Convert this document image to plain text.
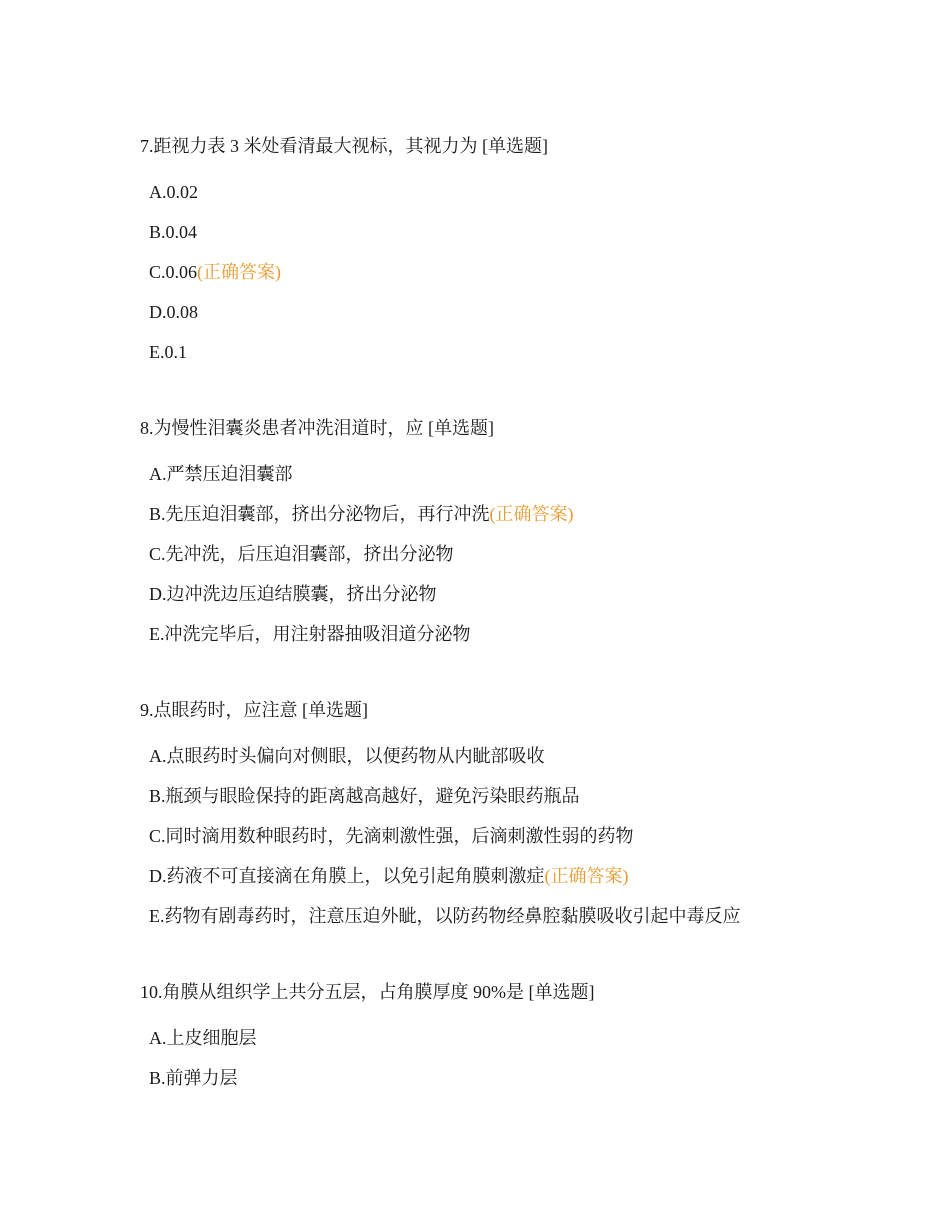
7.距视力表 3 米处看清最大视标，其视力为 [单选题]
A.0.02
B.0.04
C.0.06(正确答案)
D.0.08
E.0.1
8.为慢性泪囊炎患者冲洗泪道时，应 [单选题]
A.严禁压迫泪囊部
B.先压迫泪囊部，挤出分泌物后，再行冲洗(正确答案)
C.先冲洗，后压迫泪囊部，挤出分泌物
D.边冲洗边压迫结膜囊，挤出分泌物
E.冲洗完毕后，用注射器抽吸泪道分泌物
9.点眼药时，应注意 [单选题]
A.点眼药时头偏向对侧眼，以便药物从内眦部吸收
B.瓶颈与眼睑保持的距离越高越好，避免污染眼药瓶品
C.同时滴用数种眼药时，先滴刺激性强，后滴刺激性弱的药物
D.药液不可直接滴在角膜上，以免引起角膜刺激症(正确答案)
E.药物有剧毒药时，注意压迫外眦，以防药物经鼻腔黏膜吸收引起中毒反应
10.角膜从组织学上共分五层，占角膜厚度 90%是 [单选题]
A.上皮细胞层
B.前弹力层
